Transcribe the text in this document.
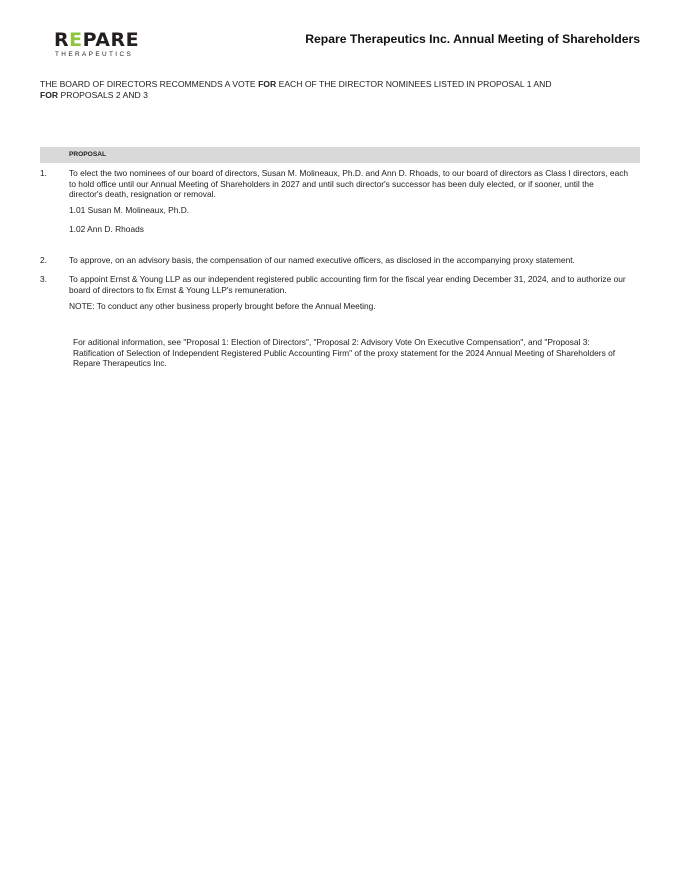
REPARE
THERAPEUTICS
Repare Therapeutics Inc. Annual Meeting of Shareholders
THE BOARD OF DIRECTORS RECOMMENDS A VOTE FOR EACH OF THE DIRECTOR NOMINEES LISTED IN PROPOSAL 1 AND
FOR PROPOSALS 2 AND 3
PROPOSAL
1.	To elect the two nominees of our board of directors, Susan M. Molineaux, Ph.D. and Ann D. Rhoads, to our board of directors as Class I directors, each to hold office until our Annual Meeting of Shareholders in 2027 and until such director's successor has been duly elected, or if sooner, until the director's death, resignation or removal.
1.01 Susan M. Molineaux, Ph.D.
1.02 Ann D. Rhoads
2.	To approve, on an advisory basis, the compensation of our named executive officers, as disclosed in the accompanying proxy statement.
3.	To appoint Ernst & Young LLP as our independent registered public accounting firm for the fiscal year ending December 31, 2024, and to authorize our board of directors to fix Ernst & Young LLP's remuneration.
NOTE: To conduct any other business properly brought before the Annual Meeting.
For aditional information, see "Proposal 1: Election of Directors", "Proposal 2: Advisory Vote On Executive Compensation", and "Proposal 3: Ratification of Selection of Independent Registered Public Accounting Firm" of the proxy statement for the 2024 Annual Meeting of Shareholders of Repare Therapeutics Inc.
